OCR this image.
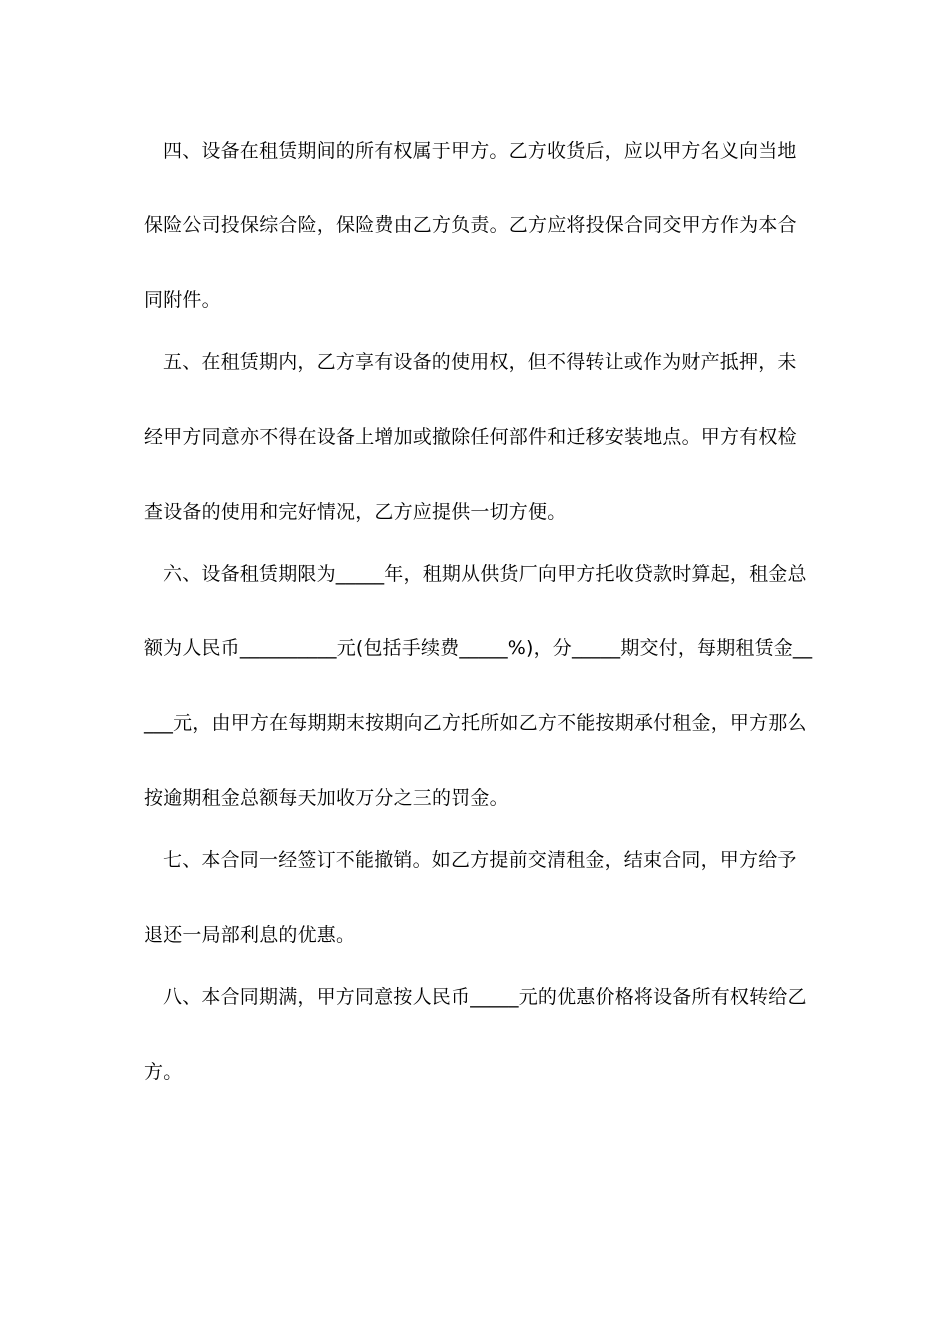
四、设备在租赁期间的所有权属于甲方。乙方收货后，应以甲方名义向当地
保险公司投保综合险，保险费由乙方负责。乙方应将投保合同交甲方作为本合
同附件。
五、在租赁期内，乙方享有设备的使用权，但不得转让或作为财产抵押，未
经甲方同意亦不得在设备上增加或撤除任何部件和迁移安装地点。甲方有权检
查设备的使用和完好情况，乙方应提供一切方便。
六、设备租赁期限为_____年，租期从供货厂向甲方托收贷款时算起，租金总
额为人民币__________元(包括手续费_____%)，分_____期交付，每期租赁金__
___元，由甲方在每期期末按期向乙方托所如乙方不能按期承付租金，甲方那么
按逾期租金总额每天加收万分之三的罚金。
七、本合同一经签订不能撤销。如乙方提前交清租金，结束合同，甲方给予
退还一局部利息的优惠。
八、本合同期满，甲方同意按人民币_____元的优惠价格将设备所有权转给乙
方。
